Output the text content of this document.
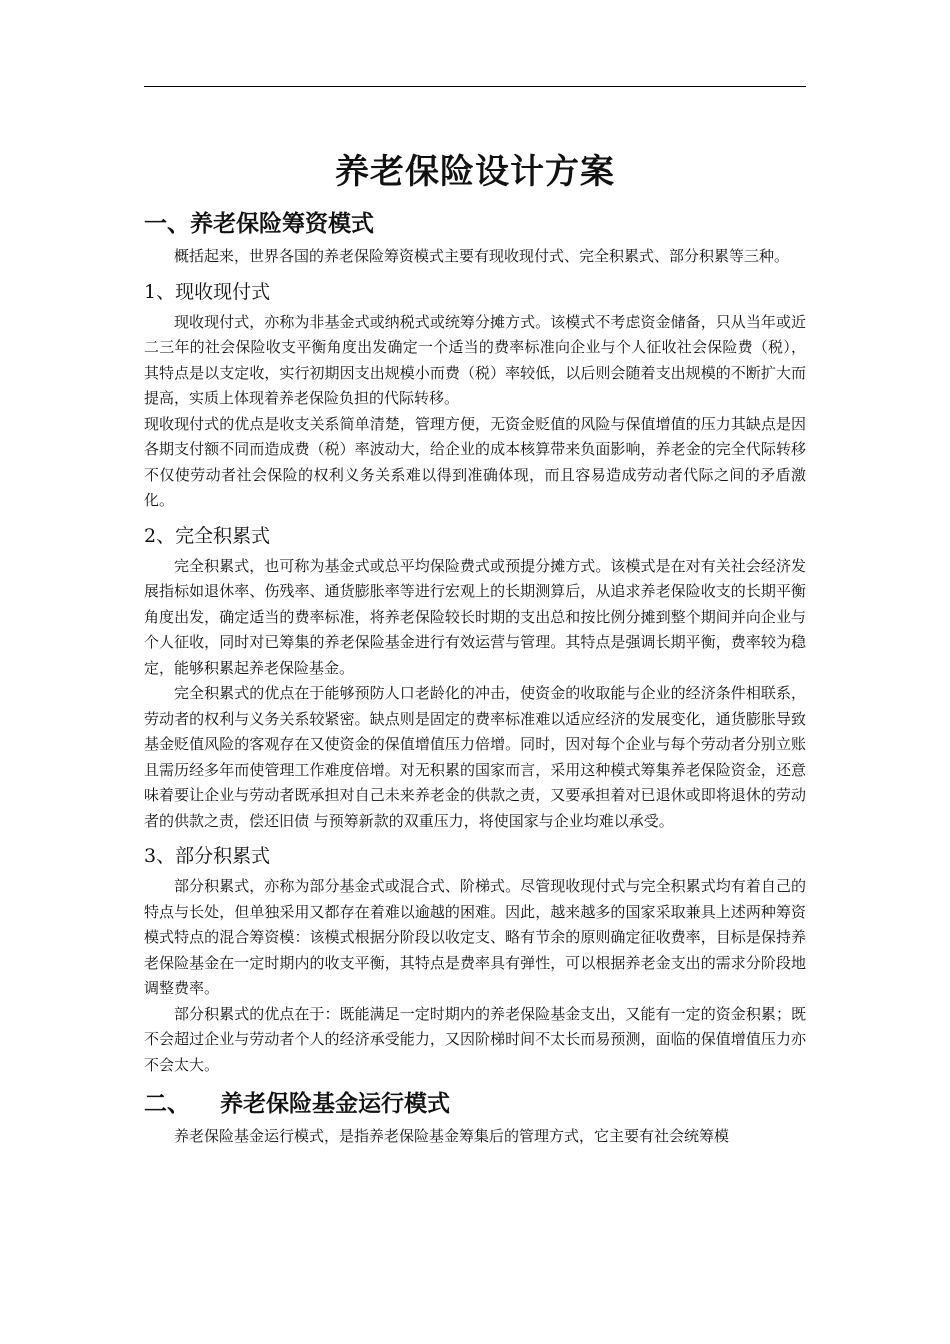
养老保险设计方案
一、养老保险筹资模式

概括起来，世界各国的养老保险筹资模式主要有现收现付式、完全积累式、部分积累等三种。

1、现收现付式

现收现付式，亦称为非基金式或纳税式或统筹分摊方式。该模式不考虑资金储备，只从当年或近二三年的社会保险收支平衡角度出发确定一个适当的费率标准向企业与个人征收社会保险费（税），其特点是以支定收，实行初期因支出规模小而费（税）率较低，以后则会随着支出规模的不断扩大而提高，实质上体现着养老保险负担的代际转移。

现收现付式的优点是收支关系简单清楚，管理方便，无资金贬值的风险与保值增值的压力其缺点是因各期支付额不同而造成费（税）率波动大，给企业的成本核算带来负面影响，养老金的完全代际转移不仅使劳动者社会保险的权利义务关系难以得到准确体现，而且容易造成劳动者代际之间的矛盾激化。

2、完全积累式

完全积累式，也可称为基金式或总平均保险费式或预提分摊方式。该模式是在对有关社会经济发展指标如退休率、伤残率、通货膨胀率等进行宏观上的长期测算后，从追求养老保险收支的长期平衡角度出发，确定适当的费率标准，将养老保险较长时期的支出总和按比例分摊到整个期间并向企业与个人征收，同时对已筹集的养老保险基金进行有效运营与管理。其特点是强调长期平衡，费率较为稳定，能够积累起养老保险基金。

完全积累式的优点在于能够预防人口老龄化的冲击，使资金的收取能与企业的经济条件相联系，劳动者的权利与义务关系较紧密。缺点则是固定的费率标准难以适应经济的发展变化，通货膨胀导致基金贬值风险的客观存在又使资金的保值增值压力倍增。同时，因对每个企业与每个劳动者分别立账且需历经多年而使管理工作难度倍增。对无积累的国家而言，采用这种模式筹集养老保险资金，还意味着要让企业与劳动者既承担对自己未来养老金的供款之责，又要承担着对已退休或即将退休的劳动者的供款之责，偿还旧债 与预筹新款的双重压力，将使国家与企业均难以承受。

3、部分积累式

部分积累式，亦称为部分基金式或混合式、阶梯式。尽管现收现付式与完全积累式均有着自己的特点与长处，但单独采用又都存在着难以逾越的困难。因此，越来越多的国家采取兼具上述两种筹资模式特点的混合筹资模：该模式根据分阶段以收定支、略有节余的原则确定征收费率，目标是保持养老保险基金在一定时期内的收支平衡，其特点是费率具有弹性，可以根据养老金支出的需求分阶段地调整费率。

部分积累式的优点在于：既能满足一定时期内的养老保险基金支出，又能有一定的资金积累；既不会超过企业与劳动者个人的经济承受能力，又因阶梯时间不太长而易预测，面临的保值增值压力亦不会太大。

二、 养老保险基金运行模式

养老保险基金运行模式，是指养老保险基金筹集后的管理方式，它主要有社会统筹模
